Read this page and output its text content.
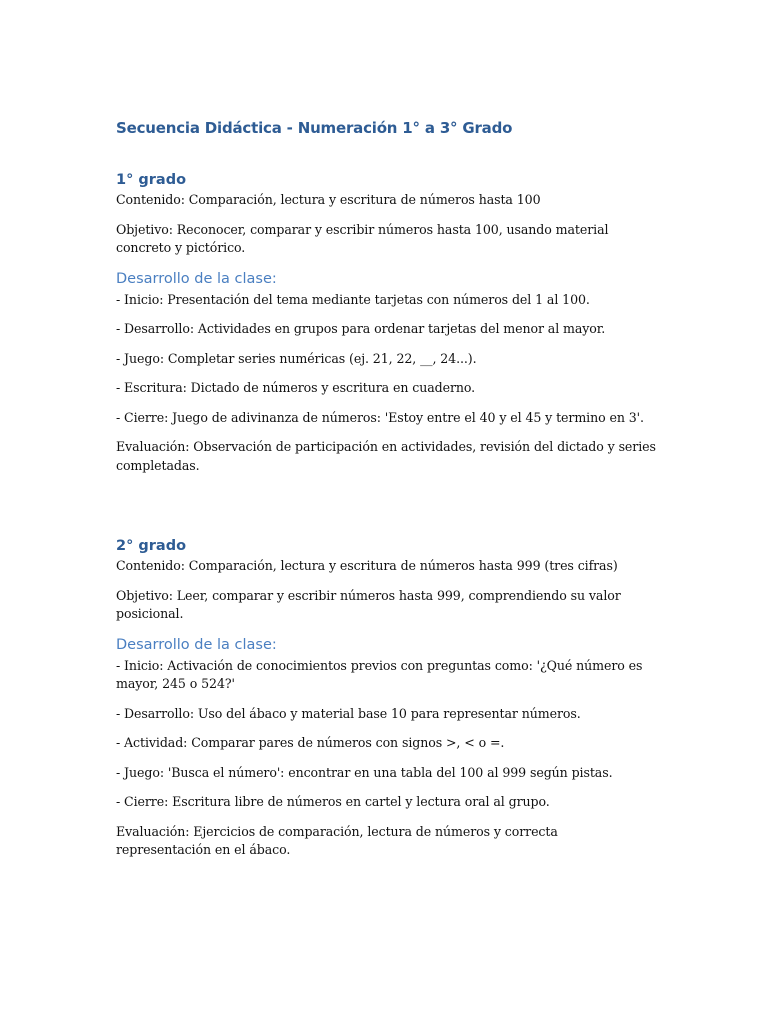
Secuencia Didáctica - Numeración 1° a 3° Grado
1° grado

Contenido: Comparación, lectura y escritura de números hasta 100

Objetivo: Reconocer, comparar y escribir números hasta 100, usando material concreto y pictórico.

Desarrollo de la clase:

- Inicio: Presentación del tema mediante tarjetas con números del 1 al 100.

- Desarrollo: Actividades en grupos para ordenar tarjetas del menor al mayor.

- Juego: Completar series numéricas (ej. 21, 22, __, 24...).

- Escritura: Dictado de números y escritura en cuaderno.

- Cierre: Juego de adivinanza de números: 'Estoy entre el 40 y el 45 y termino en 3'.

Evaluación: Observación de participación en actividades, revisión del dictado y series completadas.

2° grado

Contenido: Comparación, lectura y escritura de números hasta 999 (tres cifras)

Objetivo: Leer, comparar y escribir números hasta 999, comprendiendo su valor posicional.

Desarrollo de la clase:

- Inicio: Activación de conocimientos previos con preguntas como: '¿Qué número es mayor, 245 o 524?'

- Desarrollo: Uso del ábaco y material base 10 para representar números.

- Actividad: Comparar pares de números con signos >, < o =.

- Juego: 'Busca el número': encontrar en una tabla del 100 al 999 según pistas.

- Cierre: Escritura libre de números en cartel y lectura oral al grupo.

Evaluación: Ejercicios de comparación, lectura de números y correcta representación en el ábaco.
